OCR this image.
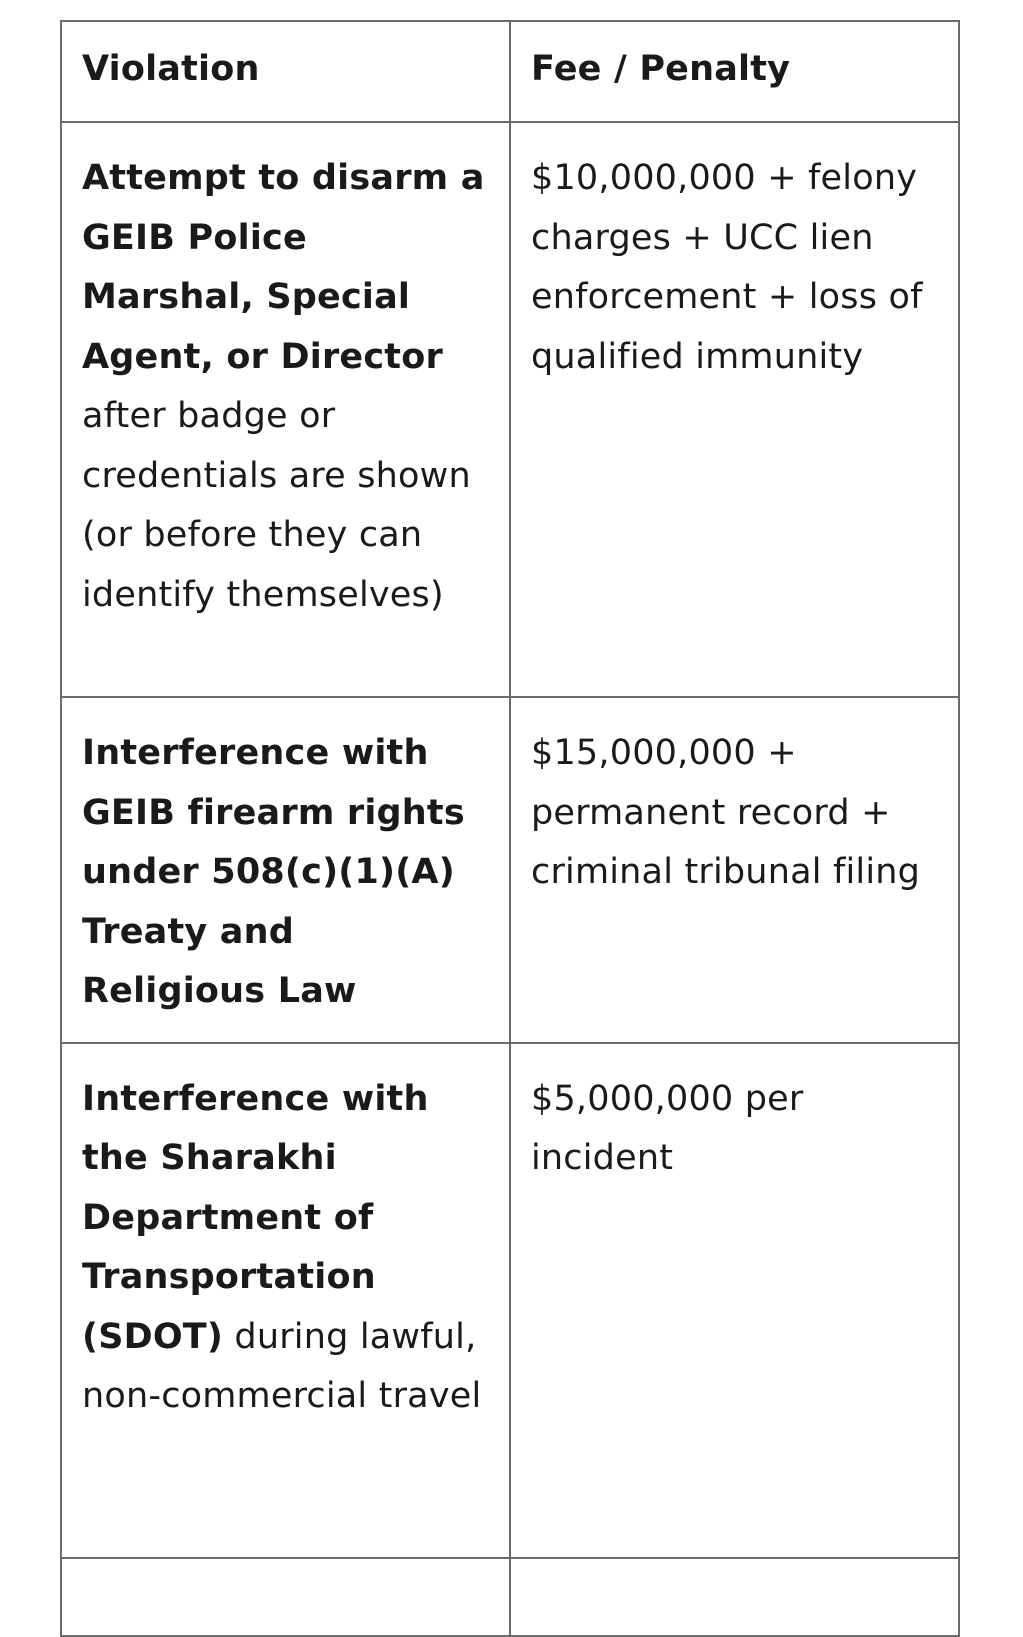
Violation	Fee / Penalty
Attempt to disarm a GEIB Police Marshal, Special Agent, or Director after badge or credentials are shown (or before they can identify themselves)	$10,000,000 + felony charges + UCC lien enforcement + loss of qualified immunity
Interference with GEIB firearm rights under 508(c)(1)(A) Treaty and Religious Law	$15,000,000 + permanent record + criminal tribunal filing
Interference with the Sharakhi Department of Transportation (SDOT) during lawful, non-commercial travel	$5,000,000 per incident
